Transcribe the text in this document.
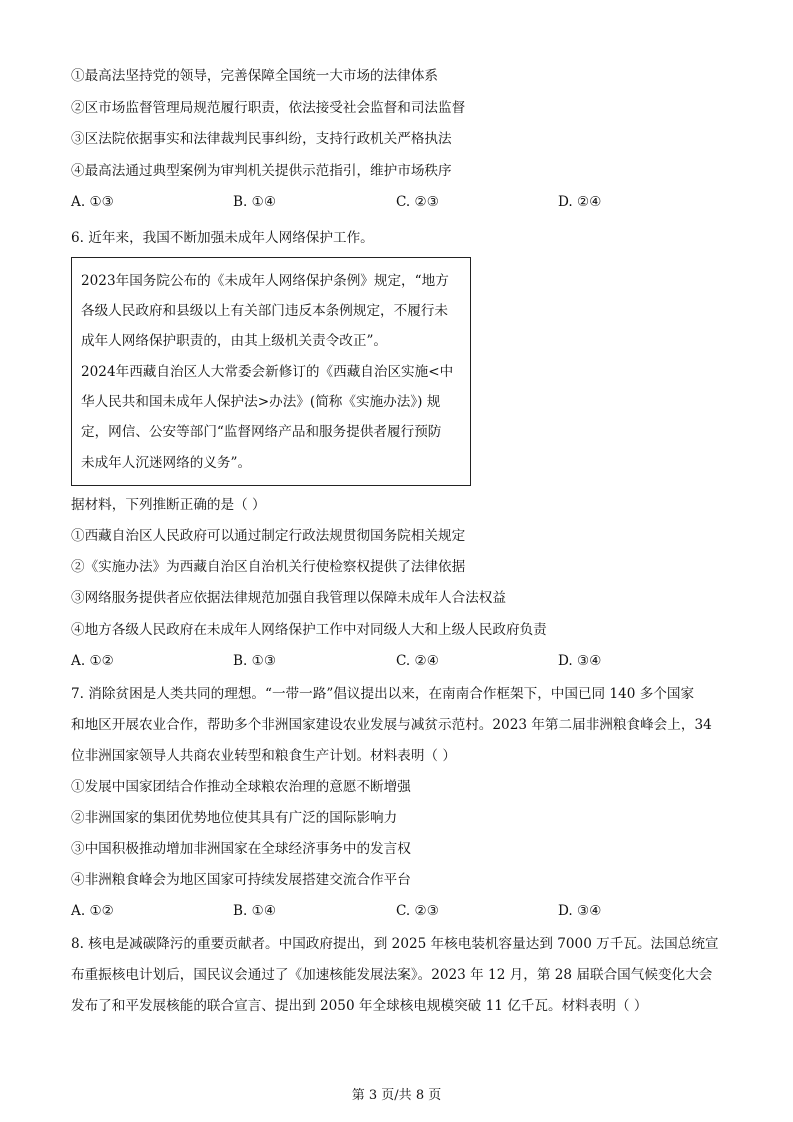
①最高法坚持党的领导，完善保障全国统一大市场的法律体系
②区市场监督管理局规范履行职责，依法接受社会监督和司法监督
③区法院依据事实和法律裁判民事纠纷，支持行政机关严格执法
④最高法通过典型案例为审判机关提供示范指引，维护市场秩序
A. ①③	B. ①④	C. ②③	D. ②④
6. 近年来，我国不断加强未成年人网络保护工作。
2023年国务院公布的《未成年人网络保护条例》规定，“地方
各级人民政府和县级以上有关部门违反本条例规定，不履行未
成年人网络保护职责的，由其上级机关责令改正”。
2024年西藏自治区人大常委会新修订的《西藏自治区实施<中
华人民共和国未成年人保护法>办法》(简称《实施办法》) 规
定，网信、公安等部门“监督网络产品和服务提供者履行预防
未成年人沉迷网络的义务”。
据材料，下列推断正确的是（ ）
①西藏自治区人民政府可以通过制定行政法规贯彻国务院相关规定
②《实施办法》为西藏自治区自治机关行使检察权提供了法律依据
③网络服务提供者应依据法律规范加强自我管理以保障未成年人合法权益
④地方各级人民政府在未成年人网络保护工作中对同级人大和上级人民政府负责
A. ①②	B. ①③	C. ②④	D. ③④
7. 消除贫困是人类共同的理想。“一带一路”倡议提出以来，在南南合作框架下，中国已同 140 多个国家
和地区开展农业合作，帮助多个非洲国家建设农业发展与减贫示范村。2023 年第二届非洲粮食峰会上，34
位非洲国家领导人共商农业转型和粮食生产计划。材料表明（ ）
①发展中国家团结合作推动全球粮农治理的意愿不断增强
②非洲国家的集团优势地位使其具有广泛的国际影响力
③中国积极推动增加非洲国家在全球经济事务中的发言权
④非洲粮食峰会为地区国家可持续发展搭建交流合作平台
A. ①②	B. ①④	C. ②③	D. ③④
8. 核电是减碳降污的重要贡献者。中国政府提出，到 2025 年核电装机容量达到 7000 万千瓦。法国总统宣
布重振核电计划后，国民议会通过了《加速核能发展法案》。2023 年 12 月，第 28 届联合国气候变化大会
发布了和平发展核能的联合宣言、提出到 2050 年全球核电规模突破 11 亿千瓦。材料表明（ ）
第 3 页/共 8 页
